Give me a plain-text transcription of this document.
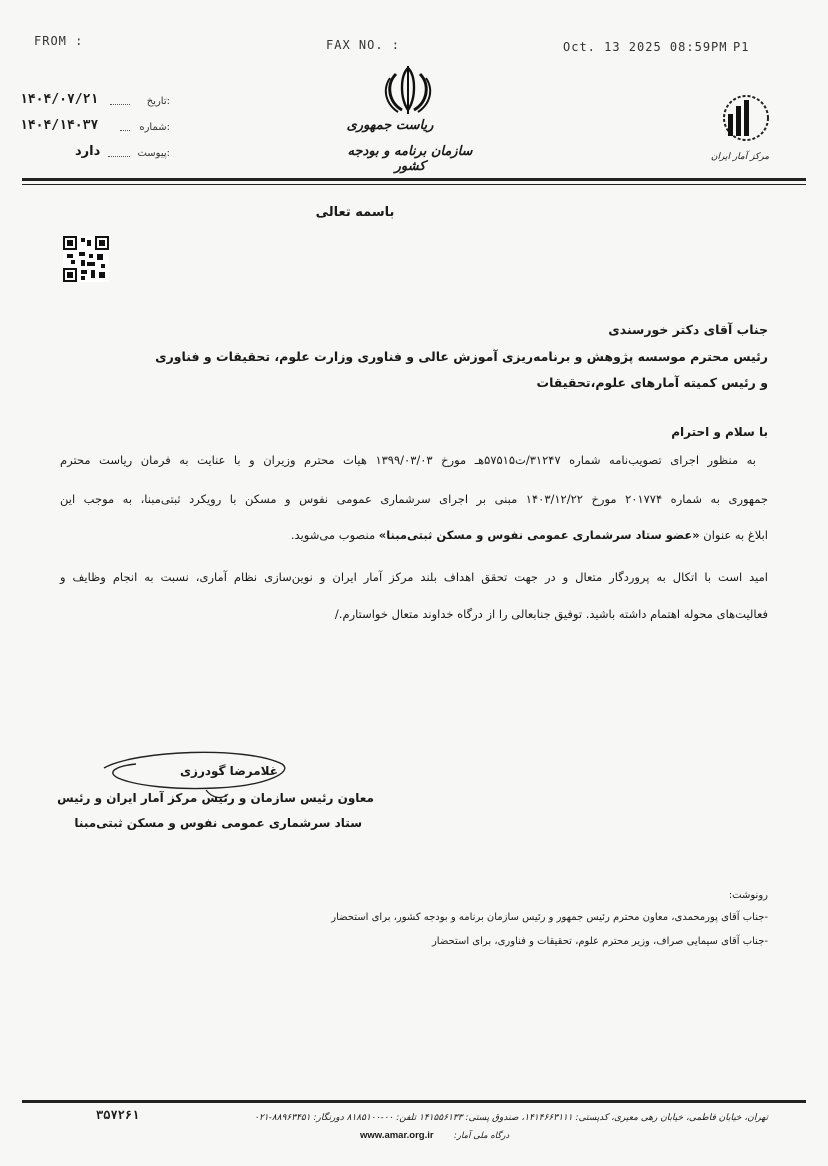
FROM :	FAX NO. :	Oct. 13 2025 08:59PM P1
۱۴۰۴/۰۷/۲۱	تاریخ:
۱۴۰۴/۱۴۰۳۷	شماره:
دارد	پیوست:
ریاست جمهوری
سازمان برنامه و بودجه کشور
مرکز آمار ایران
باسمه تعالی
جناب آقای دکتر خورسندی
رئیس محترم موسسه پژوهش و برنامه‌ریزی آموزش عالی و فناوری وزارت علوم، تحقیقات و فناوری
و رئیس کمیته آمارهای علوم،تحقیقات
با سلام و احترام
به منظور اجرای تصویب‌نامه شماره ۳۱۲۴۷/ت۵۷۵۱۵هـ مورخ ۱۳۹۹/۰۳/۰۳ هیات محترم وزیران و با عنایت به فرمان ریاست محترم
جمهوری به شماره ۲۰۱۷۷۴ مورخ ۱۴۰۳/۱۲/۲۲ مبنی بر اجرای سرشماری عمومی نفوس و مسکن با رویکرد ثبتی‌مبنا، به موجب این
ابلاغ به عنوان «عضو ستاد سرشماری عمومی نفوس و مسکن ثبتی‌مبنا» منصوب می‌شوید.
امید است با اتکال به پروردگار متعال و در جهت تحقق اهداف بلند مرکز آمار ایران و نوین‌سازی نظام آماری، نسبت به انجام وظایف و
فعالیت‌های محوله اهتمام داشته باشید. توفیق جنابعالی را از درگاه خداوند متعال خواستارم./
غلامرضا گودرزی
معاون رئیس سازمان و رئیس مرکز آمار ایران و رئیس
ستاد سرشماری عمومی نفوس و مسکن ثبتی‌مبنا
رونوشت:
-جناب آقای پورمحمدی، معاون محترم رئیس جمهور و رئیس سازمان برنامه و بودجه کشور، برای استحضار
-جناب آقای سیمایی صراف، وزیر محترم علوم، تحقیقات و فناوری، برای استحضار
۳۵۷۲۶۱	تهران، خیابان فاطمی، خیابان رهی معیری، کدپستی: ۱۴۱۴۶۶۳۱۱۱، صندوق پستی: ۱۴۱۵۵۶۱۳۳ تلفن: ۰۰-۸۱۸۵۱۰۰ دورنگار: ۸۸۹۶۳۴۵۱-۰۲۱
www.amar.org.ir درگاه ملی آمار:
